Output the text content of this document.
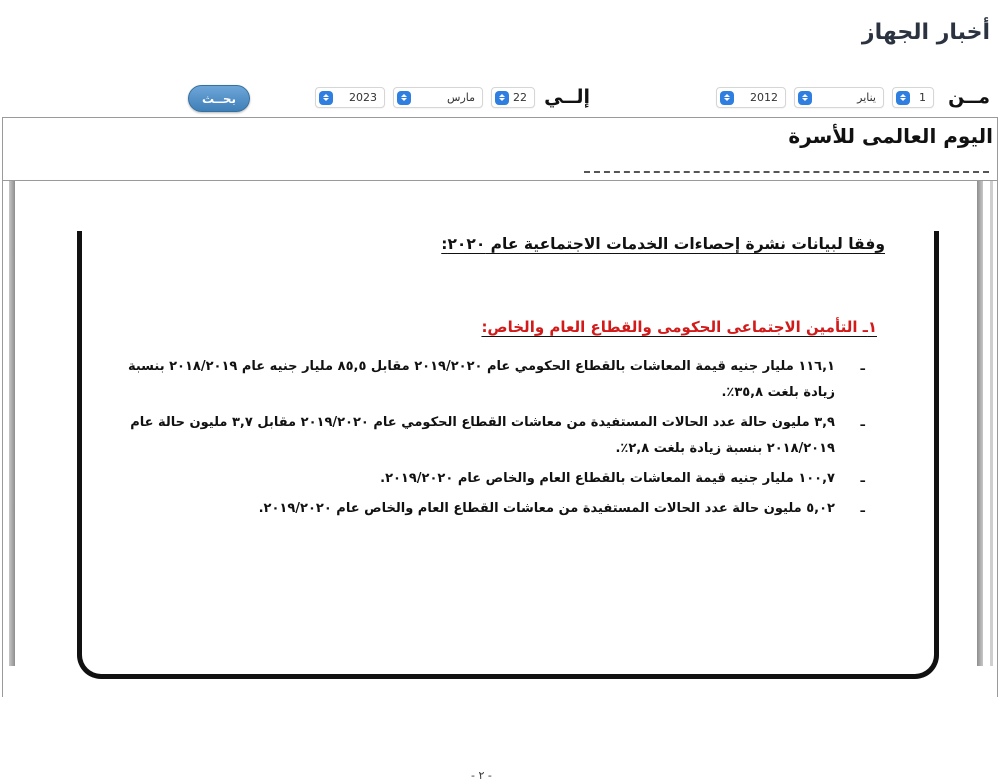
أخبار الجهاز
مــن
1
يناير
2012
إلــي
22
مارس
2023
بحــث
اليوم العالمى للأسرة

وفقا لبيانات نشرة إحصاءات الخدمات الاجتماعية عام ٢٠٢٠:

١ـ التأمين الاجتماعى الحكومى والقطاع العام والخاص:

ـ
١١٦,١ مليار جنيه قيمة المعاشات بالقطاع الحكومي عام ٢٠١٩/٢٠٢٠ مقابل ٨٥,٥ مليار جنيه عام ٢٠١٨/٢٠١٩ بنسبة زيادة بلغت ٣٥,٨٪.
ـ
٣,٩ مليون حالة عدد الحالات المستفيدة من معاشات القطاع الحكومي عام ٢٠١٩/٢٠٢٠ مقابل ٣,٧ مليون حالة عام ٢٠١٨/٢٠١٩ بنسبة زيادة بلغت ٢,٨٪.
ـ
١٠٠,٧ مليار جنيه قيمة المعاشات بالقطاع العام والخاص عام ٢٠١٩/٢٠٢٠.
ـ
٥,٠٢ مليون حالة عدد الحالات المستفيدة من معاشات القطاع العام والخاص عام ٢٠١٩/٢٠٢٠.
- ٢ -
